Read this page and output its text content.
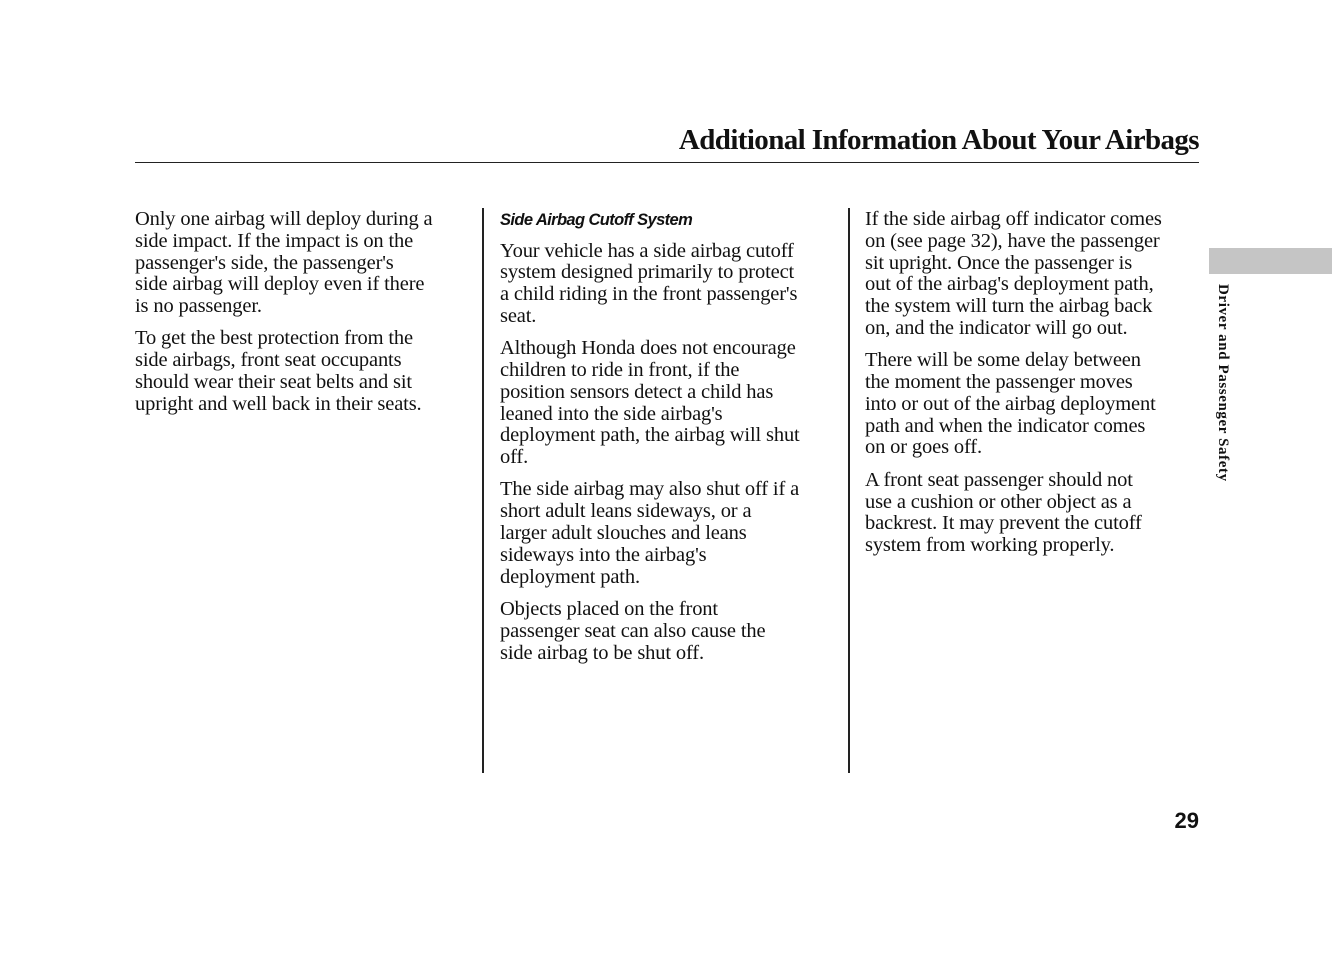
Additional Information About Your Airbags

Only one airbag will deploy during a
side impact. If the impact is on the
passenger's side, the passenger's
side airbag will deploy even if there
is no passenger.

To get the best protection from the
side airbags, front seat occupants
should wear their seat belts and sit
upright and well back in their seats.

Side Airbag Cutoff System

Your vehicle has a side airbag cutoff
system designed primarily to protect
a child riding in the front passenger's
seat.

Although Honda does not encourage
children to ride in front, if the
position sensors detect a child has
leaned into the side airbag's
deployment path, the airbag will shut
off.

The side airbag may also shut off if a
short adult leans sideways, or a
larger adult slouches and leans
sideways into the airbag's
deployment path.

Objects placed on the front
passenger seat can also cause the
side airbag to be shut off.

If the side airbag off indicator comes
on (see page 32), have the passenger
sit upright. Once the passenger is
out of the airbag's deployment path,
the system will turn the airbag back
on, and the indicator will go out.

There will be some delay between
the moment the passenger moves
into or out of the airbag deployment
path and when the indicator comes
on or goes off.

A front seat passenger should not
use a cushion or other object as a
backrest. It may prevent the cutoff
system from working properly.

Driver and Passenger Safety
29
